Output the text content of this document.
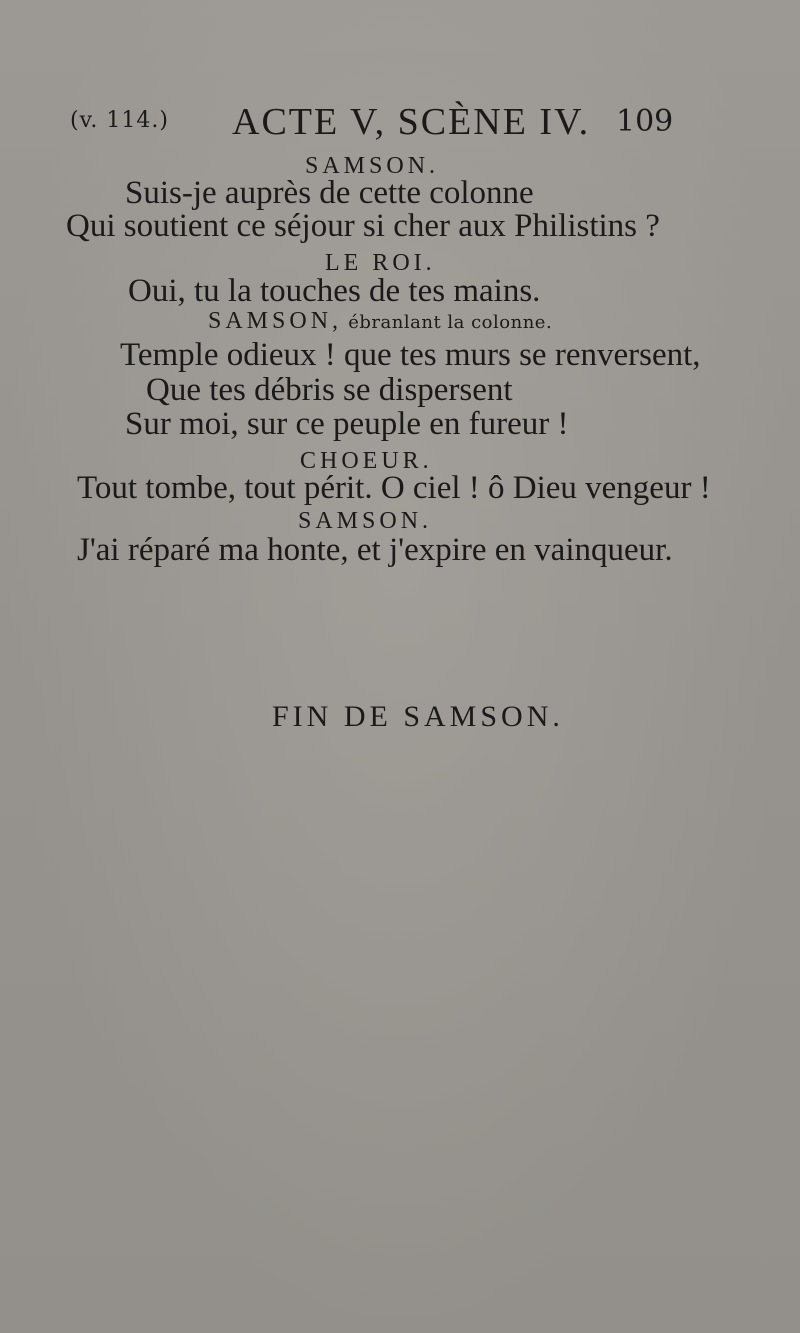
(v. 114.) ACTE V, SCÈNE IV. 109
SAMSON.
Suis-je auprès de cette colonne
Qui soutient ce séjour si cher aux Philistins ?
LE ROI.
Oui, tu la touches de tes mains.
SAMSON, ébranlant la colonne.
Temple odieux ! que tes murs se renversent,
Que tes débris se dispersent
Sur moi, sur ce peuple en fureur !
CHOEUR.
Tout tombe, tout périt. O ciel ! ô Dieu vengeur !
SAMSON.
J'ai réparé ma honte, et j'expire en vainqueur.
FIN DE SAMSON.
